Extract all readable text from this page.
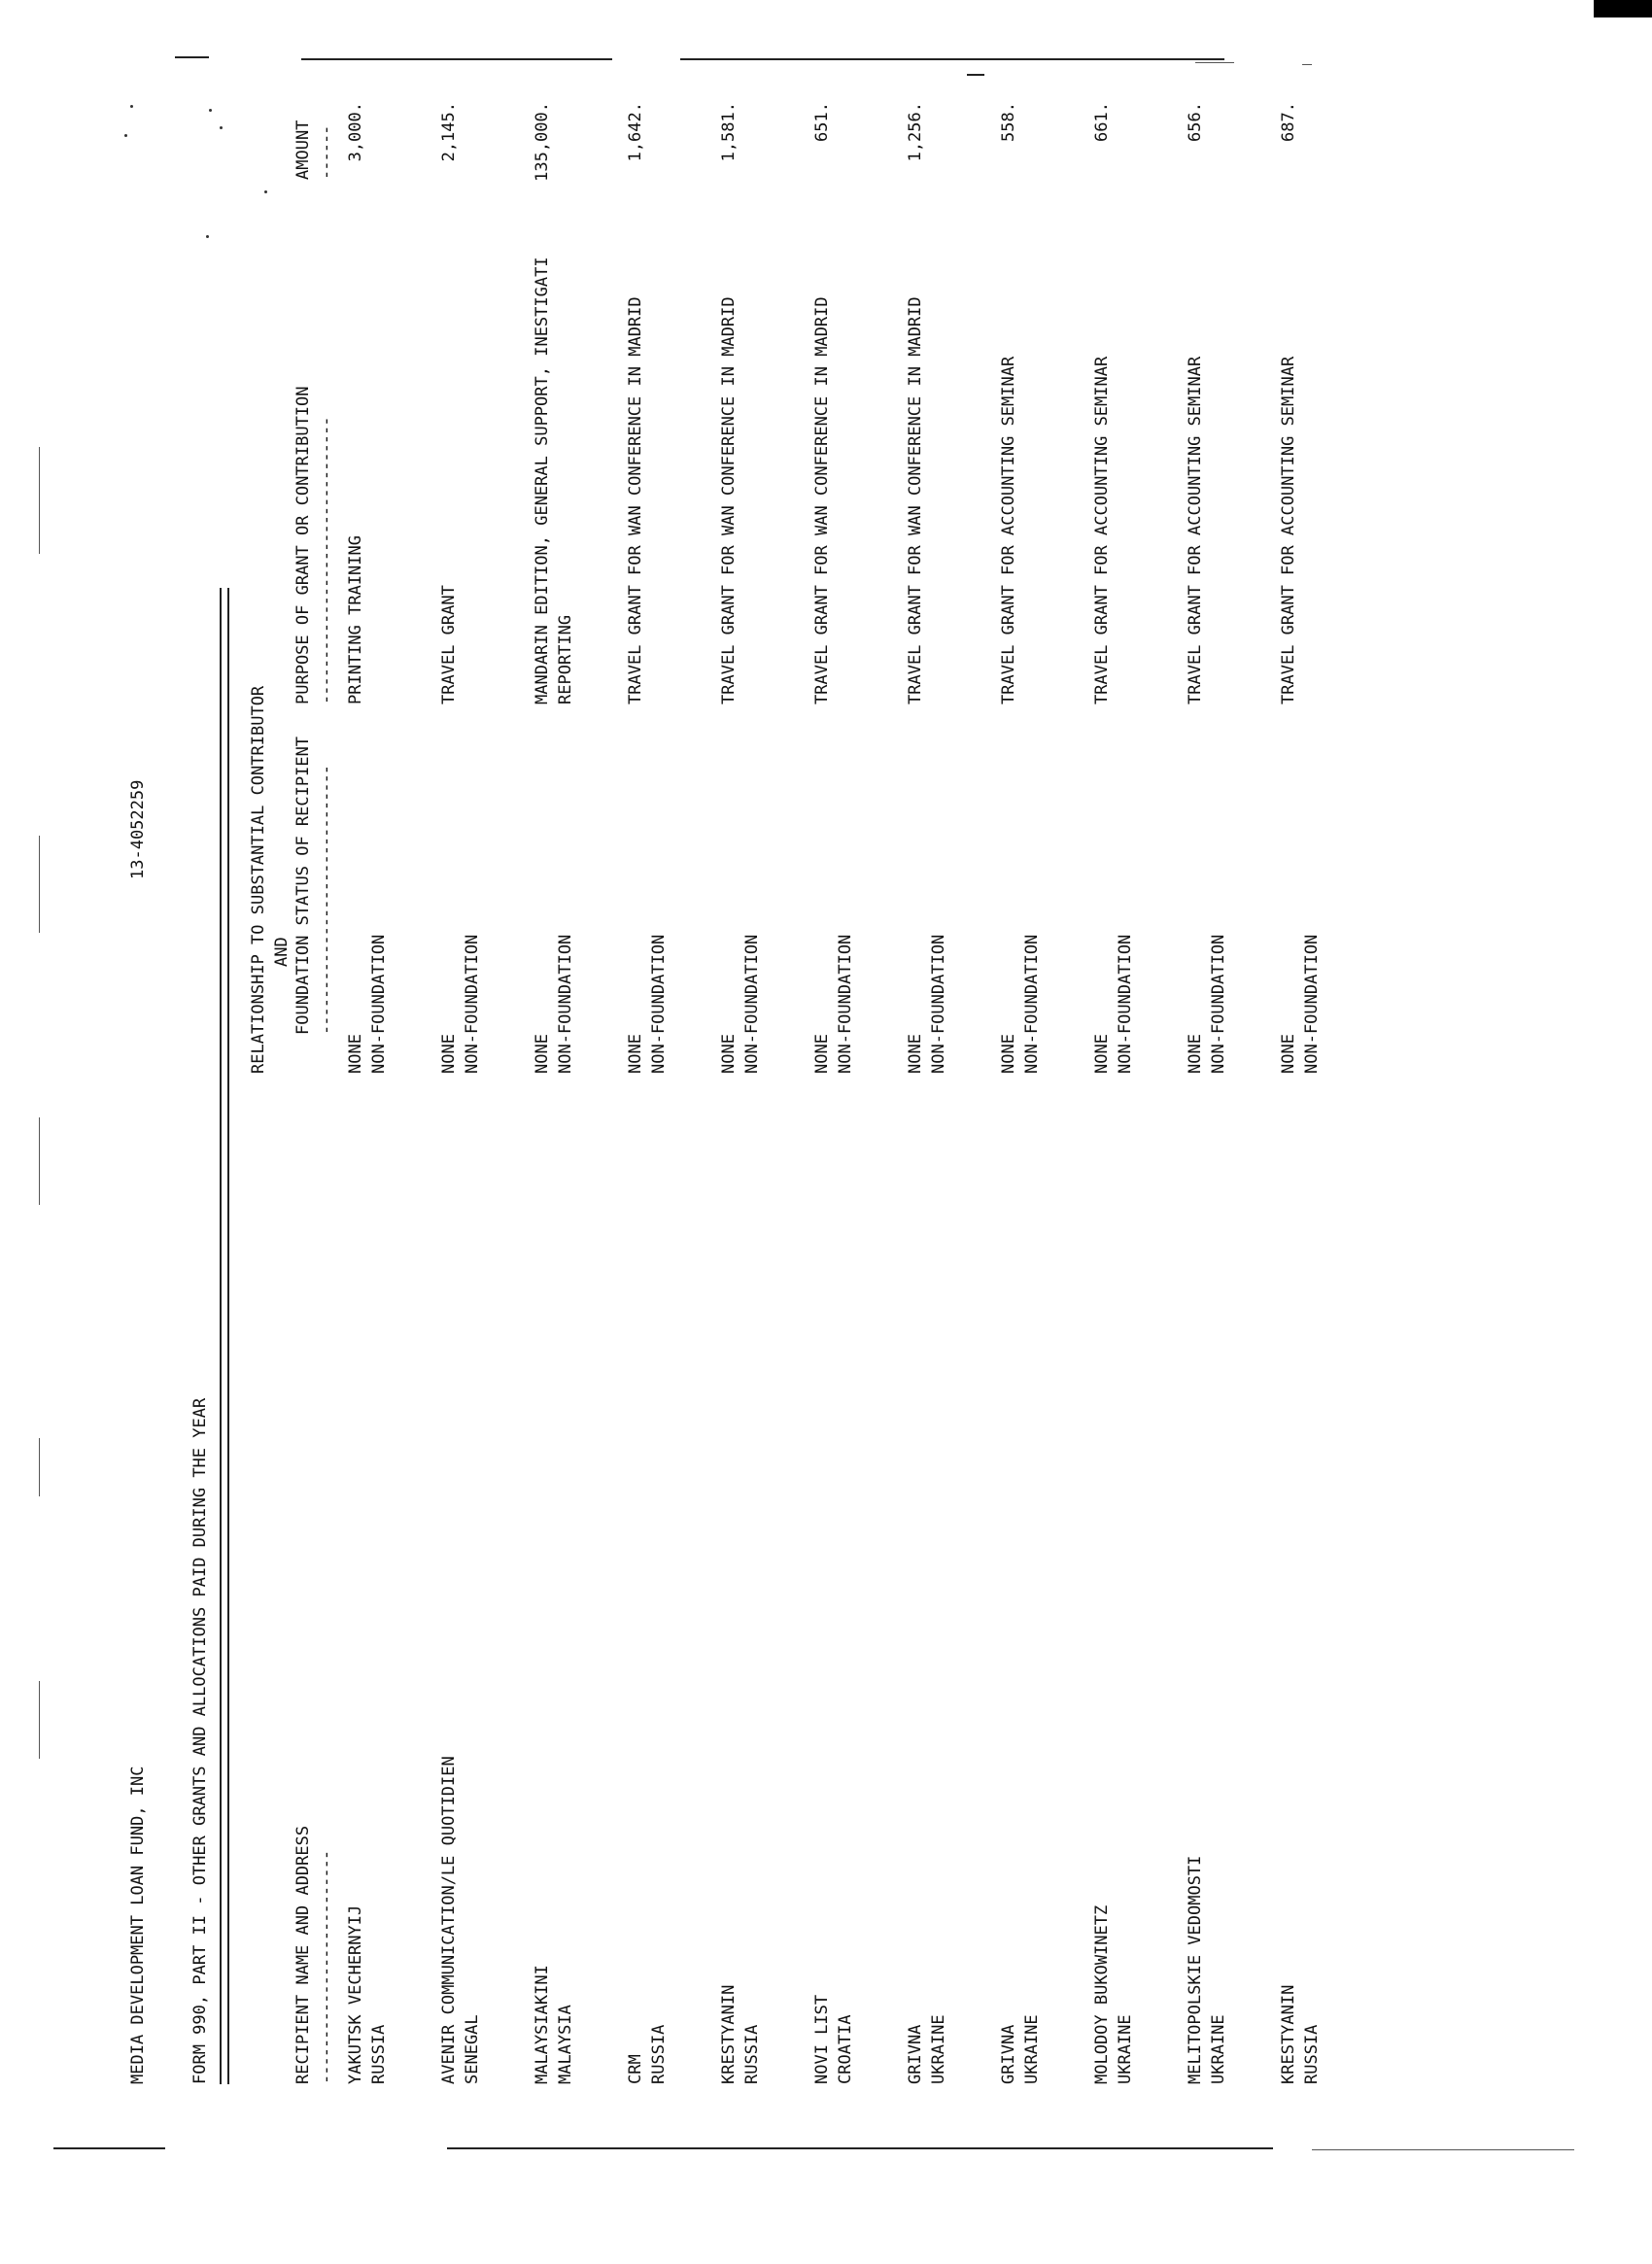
MEDIA DEVELOPMENT LOAN FUND, INC
13-4052259
FORM 990, PART II - OTHER GRANTS AND ALLOCATIONS PAID DURING THE YEAR
RELATIONSHIP TO SUBSTANTIAL CONTRIBUTOR AND
RECIPIENT NAME AND ADDRESS
FOUNDATION STATUS OF RECIPIENT
PURPOSE OF GRANT OR CONTRIBUTION
AMOUNT
--------------------------
------------------------------
--------------------------------
------
YAKUTSK VECHERNYIJ RUSSIA
NONE NON-FOUNDATION
PRINTING TRAINING
3,000.
AVENIR COMMUNICATION/LE QUOTIDIEN SENEGAL
NONE NON-FOUNDATION
TRAVEL GRANT
2,145.
MALAYSIAKINI MALAYSIA
NONE NON-FOUNDATION
MANDARIN EDITION, GENERAL SUPPORT, INESTIGATI REPORTING
135,000.
CRM RUSSIA
NONE NON-FOUNDATION
TRAVEL GRANT FOR WAN CONFERENCE IN MADRID
1,642.
KRESTYANIN RUSSIA
NONE NON-FOUNDATION
TRAVEL GRANT FOR WAN CONFERENCE IN MADRID
1,581.
NOVI LIST CROATIA
NONE NON-FOUNDATION
TRAVEL GRANT FOR WAN CONFERENCE IN MADRID
651.
GRIVNA UKRAINE
NONE NON-FOUNDATION
TRAVEL GRANT FOR WAN CONFERENCE IN MADRID
1,256.
GRIVNA UKRAINE
NONE NON-FOUNDATION
TRAVEL GRANT FOR ACCOUNTING SEMINAR
558.
MOLODOY BUKOWINETZ UKRAINE
NONE NON-FOUNDATION
TRAVEL GRANT FOR ACCOUNTING SEMINAR
661.
MELITOPOLSKIE VEDOMOSTI UKRAINE
NONE NON-FOUNDATION
TRAVEL GRANT FOR ACCOUNTING SEMINAR
656.
KRESTYANIN RUSSIA
NONE NON-FOUNDATION
TRAVEL GRANT FOR ACCOUNTING SEMINAR
687.
